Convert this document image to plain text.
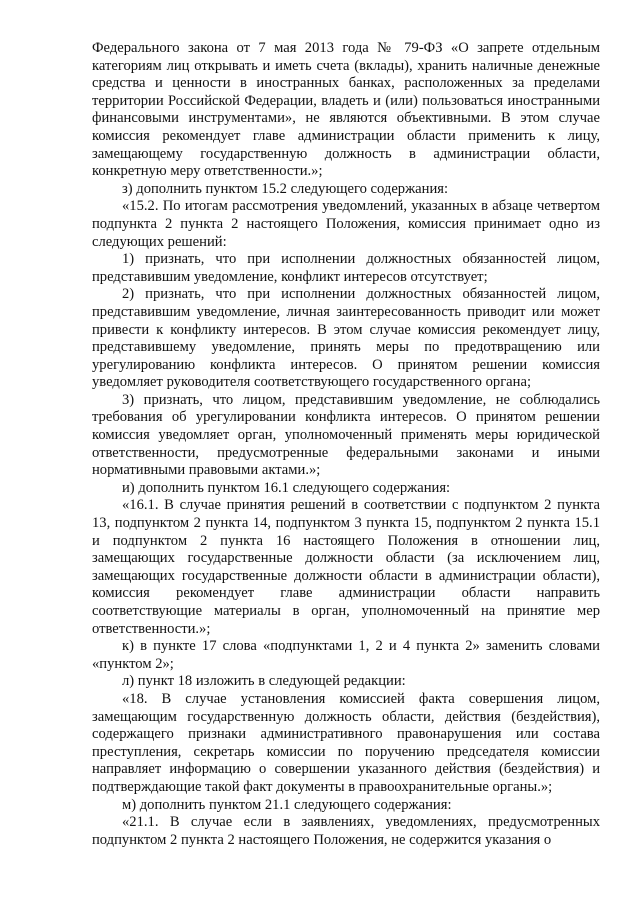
Федерального закона от 7 мая 2013 года № 79-ФЗ «О запрете отдельным категориям лиц открывать и иметь счета (вклады), хранить наличные денежные средства и ценности в иностранных банках, расположенных за пределами территории Российской Федерации, владеть и (или) пользоваться иностранными финансовыми инструментами», не являются объективными. В этом случае комиссия рекомендует главе администрации области применить к лицу, замещающему государственную должность в администрации области, конкретную меру ответственности.»;

з) дополнить пунктом 15.2 следующего содержания:

«15.2. По итогам рассмотрения уведомлений, указанных в абзаце четвертом подпункта 2 пункта 2 настоящего Положения, комиссия принимает одно из следующих решений:

1) признать, что при исполнении должностных обязанностей лицом, представившим уведомление, конфликт интересов отсутствует;

2) признать, что при исполнении должностных обязанностей лицом, представившим уведомление, личная заинтересованность приводит или может привести к конфликту интересов. В этом случае комиссия рекомендует лицу, представившему уведомление, принять меры по предотвращению или урегулированию конфликта интересов. О принятом решении комиссия уведомляет руководителя соответствующего государственного органа;

3) признать, что лицом, представившим уведомление, не соблюдались требования об урегулировании конфликта интересов. О принятом решении комиссия уведомляет орган, уполномоченный применять меры юридической ответственности, предусмотренные федеральными законами и иными нормативными правовыми актами.»;

и) дополнить пунктом 16.1 следующего содержания:

«16.1. В случае принятия решений в соответствии с подпунктом 2 пункта 13, подпунктом 2 пункта 14, подпунктом 3 пункта 15, подпунктом 2 пункта 15.1 и подпунктом 2 пункта 16 настоящего Положения в отношении лиц, замещающих государственные должности области (за исключением лиц, замещающих государственные должности области в администрации области), комиссия рекомендует главе администрации области направить соответствующие материалы в орган, уполномоченный на принятие мер ответственности.»;

к) в пункте 17 слова «подпунктами 1, 2 и 4 пункта 2» заменить словами «пунктом 2»;

л) пункт 18 изложить в следующей редакции:

«18. В случае установления комиссией факта совершения лицом, замещающим государственную должность области, действия (бездействия), содержащего признаки административного правонарушения или состава преступления, секретарь комиссии по поручению председателя комиссии направляет информацию о совершении указанного действия (бездействия) и подтверждающие такой факт документы в правоохранительные органы.»;

м) дополнить пунктом 21.1 следующего содержания:

«21.1. В случае если в заявлениях, уведомлениях, предусмотренных подпунктом 2 пункта 2 настоящего Положения, не содержится указания о
